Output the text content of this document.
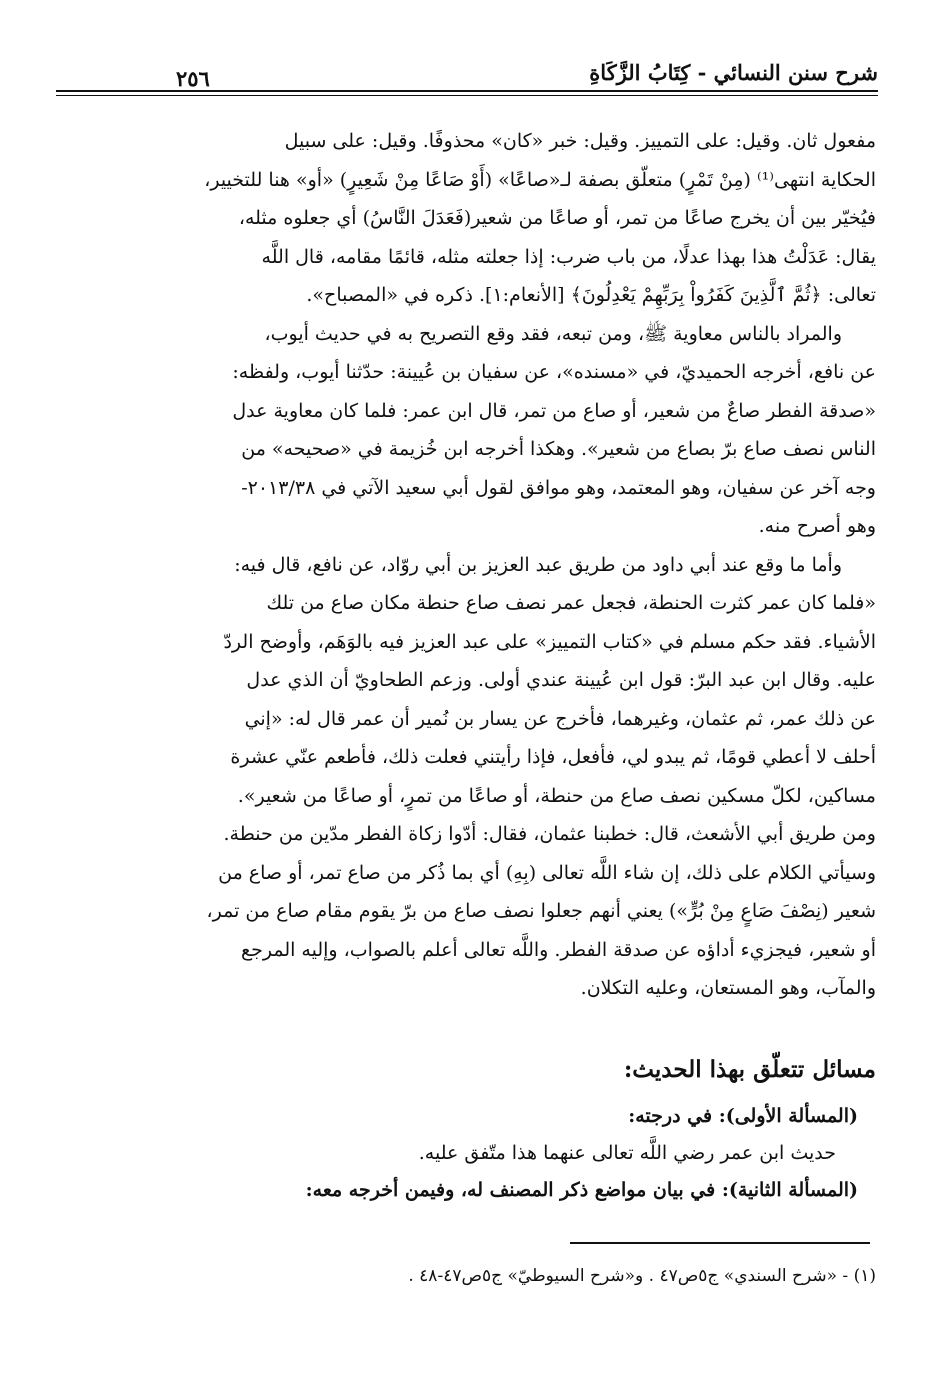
شرح سنن النسائي - كِتَابُ الزَّكَاةِ
٢٥٦
مفعول ثان. وقيل: على التمييز. وقيل: خبر «كان» محذوفًا. وقيل: على سبيل
الحكاية انتهى⁽¹⁾ (مِنْ تَمْرٍ) متعلّق بصفة لـ«صاعًا» (أَوْ صَاعًا مِنْ شَعِيرٍ) «أو» هنا للتخيير،
فيُخيّر بين أن يخرج صاعًا من تمر، أو صاعًا من شعير(فَعَدَلَ النَّاسُ) أي جعلوه مثله،
يقال: عَدَلْتُ هذا بهذا عدلًا، من باب ضرب: إذا جعلته مثله، قائمًا مقامه، قال اللَّه
تعالى: ﴿ثُمَّ ٱلَّذِينَ كَفَرُواْ بِرَبِّهِمْ يَعْدِلُونَ﴾ [الأنعام:١]. ذكره في «المصباح».
والمراد بالناس معاوية ﷺ، ومن تبعه، فقد وقع التصريح به في حديث أيوب،
عن نافع، أخرجه الحميديّ، في «مسنده»، عن سفيان بن عُيينة: حدّثنا أيوب، ولفظه:
«صدقة الفطر صاعٌ من شعير، أو صاع من تمر، قال ابن عمر: فلما كان معاوية عدل
الناس نصف صاع برّ بصاع من شعير». وهكذا أخرجه ابن خُزيمة في «صحيحه» من
وجه آخر عن سفيان، وهو المعتمد، وهو موافق لقول أبي سعيد الآتي في ٢٠١٣/٣٨-
وهو أصرح منه.
وأما ما وقع عند أبي داود من طريق عبد العزيز بن أبي روّاد، عن نافع، قال فيه:
«فلما كان عمر كثرت الحنطة، فجعل عمر نصف صاع حنطة مكان صاع من تلك
الأشياء. فقد حكم مسلم في «كتاب التمييز» على عبد العزيز فيه بالوَهَم، وأوضح الردّ
عليه. وقال ابن عبد البرّ: قول ابن عُيينة عندي أولى. وزعم الطحاويّ أن الذي عدل
عن ذلك عمر، ثم عثمان، وغيرهما، فأخرج عن يسار بن نُمير أن عمر قال له: «إني
أحلف لا أعطي قومًا، ثم يبدو لي، فأفعل، فإذا رأيتني فعلت ذلك، فأطعم عنّي عشرة
مساكين، لكلّ مسكين نصف صاع من حنطة، أو صاعًا من تمرٍ، أو صاعًا من شعير».
ومن طريق أبي الأشعث، قال: خطبنا عثمان، فقال: أدّوا زكاة الفطر مدّين من حنطة.
وسيأتي الكلام على ذلك، إن شاء اللَّه تعالى (بِهِ) أي بما ذُكر من صاع تمر، أو صاع من
شعير (نِصْفَ صَاعٍ مِنْ بُرٍّ») يعني أنهم جعلوا نصف صاع من برّ يقوم مقام صاع من تمر،
أو شعير، فيجزيء أداؤه عن صدقة الفطر. واللَّه تعالى أعلم بالصواب، وإليه المرجع
والمآب، وهو المستعان، وعليه التكلان.
مسائل تتعلّق بهذا الحديث:
(المسألة الأولى): في درجته:
حديث ابن عمر رضي اللَّه تعالى عنهما هذا متّفق عليه.
(المسألة الثانية): في بيان مواضع ذكر المصنف له، وفيمن أخرجه معه:
(١) - «شرح السندي» ج٥ص٤٧ . و«شرح السيوطيّ» ج٥ص٤٧-٤٨ .
